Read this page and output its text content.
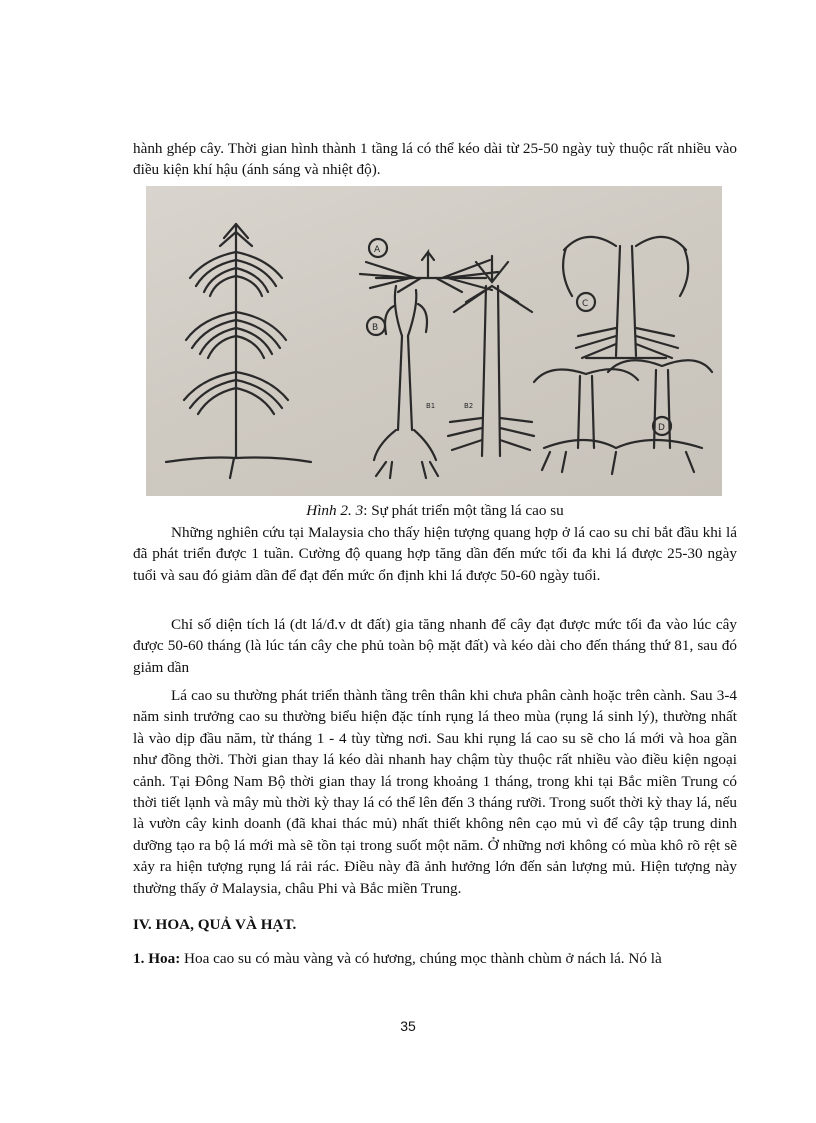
hành ghép cây. Thời gian hình thành 1 tầng lá có thể kéo dài từ 25-50 ngày tuỳ thuộc rất nhiều vào điều kiện khí hậu (ánh sáng và nhiệt độ).

A
B
C
D
B1	B2

Hình 2. 3: Sự phát triển một tầng lá cao su

Những nghiên cứu tại Malaysia cho thấy hiện tượng quang hợp ở lá cao su chỉ bắt đầu khi lá đã phát triển được 1 tuần. Cường độ quang hợp tăng dần đến mức tối đa khi lá được 25-30 ngày tuổi và sau đó giảm dần để đạt đến mức ổn định khi lá được 50-60 ngày tuổi.

Chỉ số diện tích lá (dt lá/đ.v dt đất) gia tăng nhanh để cây đạt được mức tối đa vào lúc cây được 50-60 tháng (là lúc tán cây che phủ toàn bộ mặt đất) và kéo dài cho đến tháng thứ 81, sau đó giảm dần

Lá cao su thường phát triển thành tầng trên thân khi chưa phân cành hoặc trên cành. Sau 3-4 năm sinh trưởng cao su thường biểu hiện đặc tính rụng lá theo mùa (rụng lá sinh lý), thường nhất là vào dịp đầu năm, từ tháng 1 - 4 tùy từng nơi. Sau khi rụng lá cao su sẽ cho lá mới và hoa gần như đồng thời. Thời gian thay lá kéo dài nhanh hay chậm tùy thuộc rất nhiều vào điều kiện ngoại cảnh. Tại Đông Nam Bộ thời gian thay lá trong khoảng 1 tháng, trong khi tại Bắc miền Trung có thời tiết lạnh và mây mù thời kỳ thay lá có thể lên đến 3 tháng rưỡi. Trong suốt thời kỳ thay lá, nếu là vườn cây kinh doanh (đã khai thác mủ) nhất thiết không nên cạo mủ vì để cây tập trung dinh dưỡng tạo ra bộ lá mới mà sẽ tồn tại trong suốt một năm. Ở những nơi không có mùa khô rõ rệt sẽ xảy ra hiện tượng rụng lá rải rác. Điều này đã ảnh hưởng lớn đến sản lượng mủ. Hiện tượng này thường thấy ở Malaysia, châu Phi và Bắc miền Trung.

IV. HOA, QUẢ VÀ HẠT.

1. Hoa: Hoa cao su có màu vàng và có hương, chúng mọc thành chùm ở nách lá. Nó là

35
